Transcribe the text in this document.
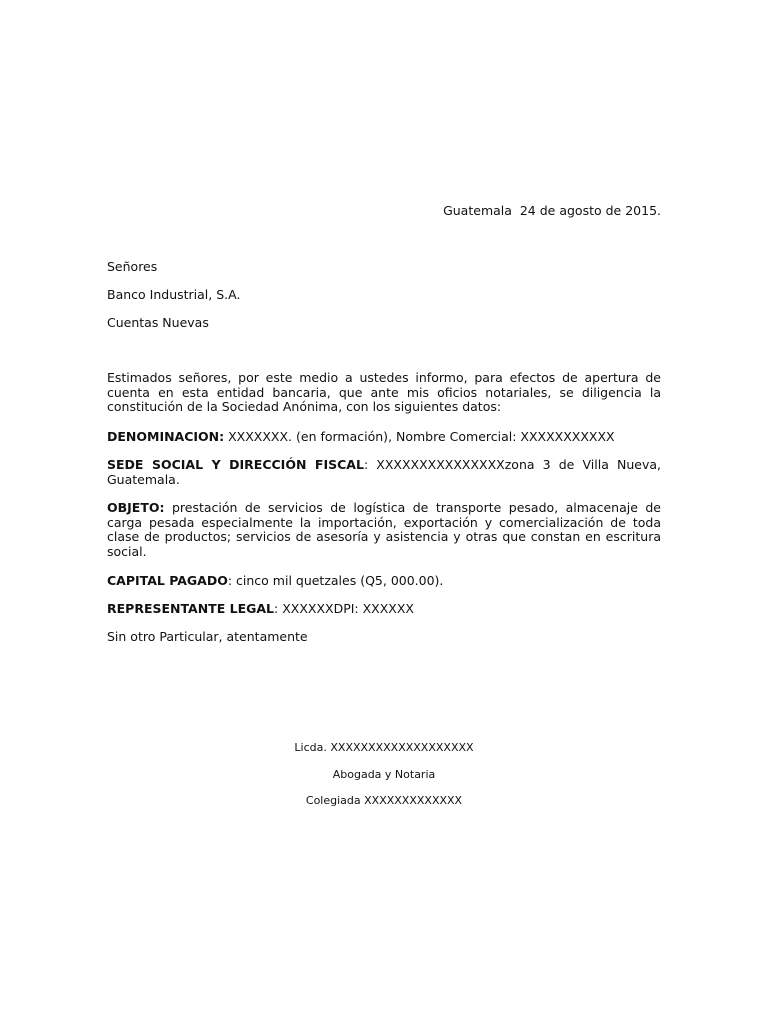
Guatemala  24 de agosto de 2015.
Señores
Banco Industrial, S.A.
Cuentas Nuevas

Estimados señores, por este medio a ustedes informo, para efectos de apertura de cuenta en esta entidad bancaria, que ante mis oficios notariales, se diligencia la constitución de la Sociedad Anónima, con los siguientes datos:

DENOMINACION: XXXXXXX. (en formación), Nombre Comercial: XXXXXXXXXXX

SEDE SOCIAL Y DIRECCIÓN FISCAL: XXXXXXXXXXXXXXXzona 3 de Villa Nueva, Guatemala.

OBJETO: prestación de servicios de logística de transporte pesado, almacenaje de carga pesada especialmente la importación, exportación y comercialización de toda clase de productos; servicios de asesoría y asistencia y otras que constan en escritura social.

CAPITAL PAGADO: cinco mil quetzales (Q5, 000.00).

REPRESENTANTE LEGAL: XXXXXXDPI: XXXXXX

Sin otro Particular, atentamente

Licda. XXXXXXXXXXXXXXXXXXX
Abogada y Notaria
Colegiada XXXXXXXXXXXXX
